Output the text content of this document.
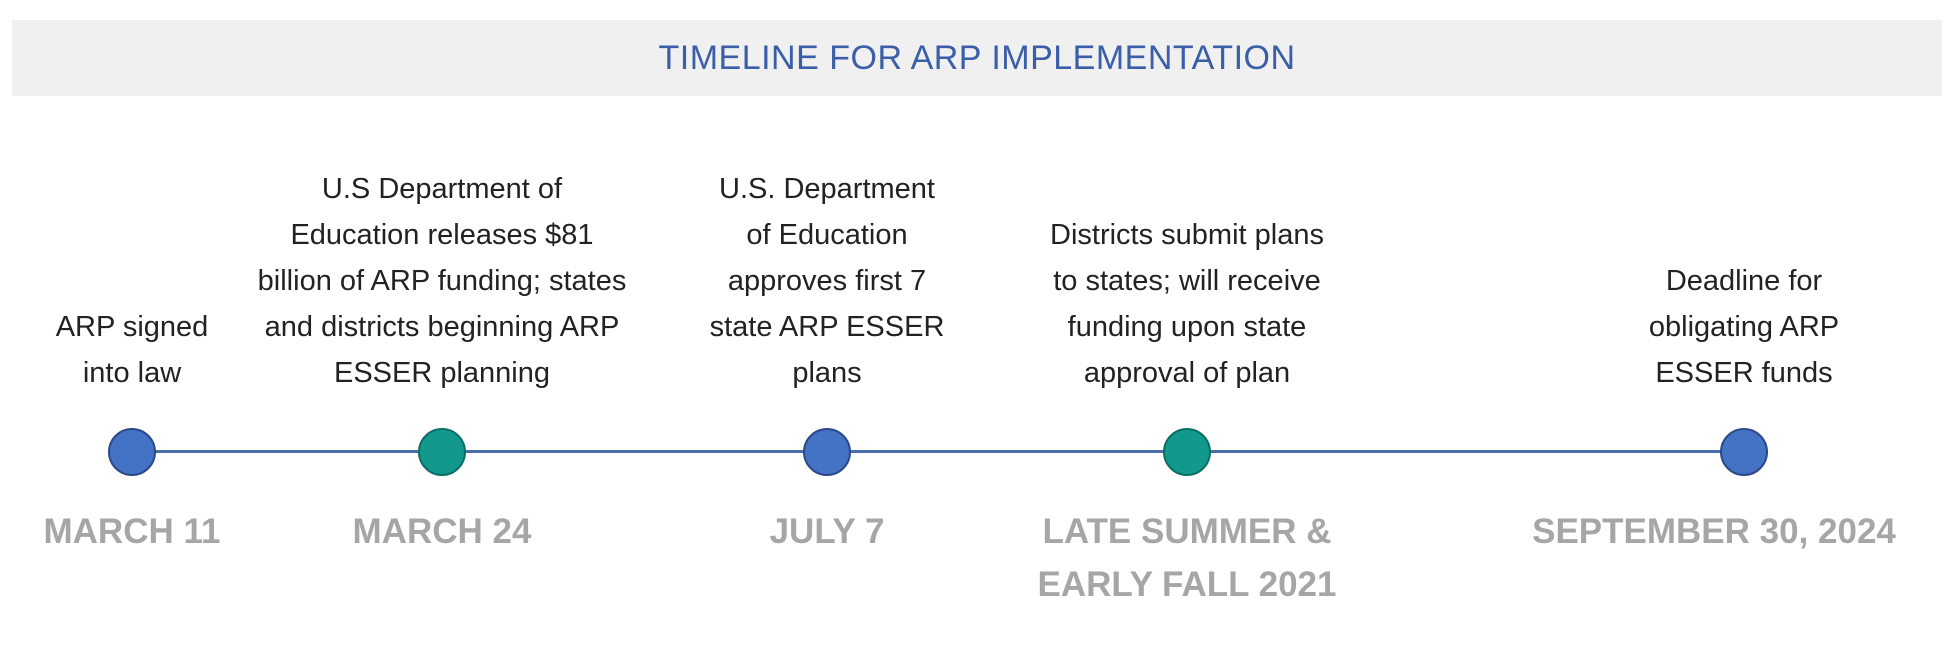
TIMELINE FOR ARP IMPLEMENTATION
ARP signed
into law
MARCH 11
U.S Department of
Education releases $81
billion of ARP funding; states
and districts beginning ARP
ESSER planning
MARCH 24
U.S. Department
of Education
approves first 7
state ARP ESSER
plans
JULY 7
Districts submit plans
to states; will receive
funding upon state
approval of plan
LATE SUMMER &
EARLY FALL 2021
Deadline for
obligating ARP
ESSER funds
SEPTEMBER 30, 2024
